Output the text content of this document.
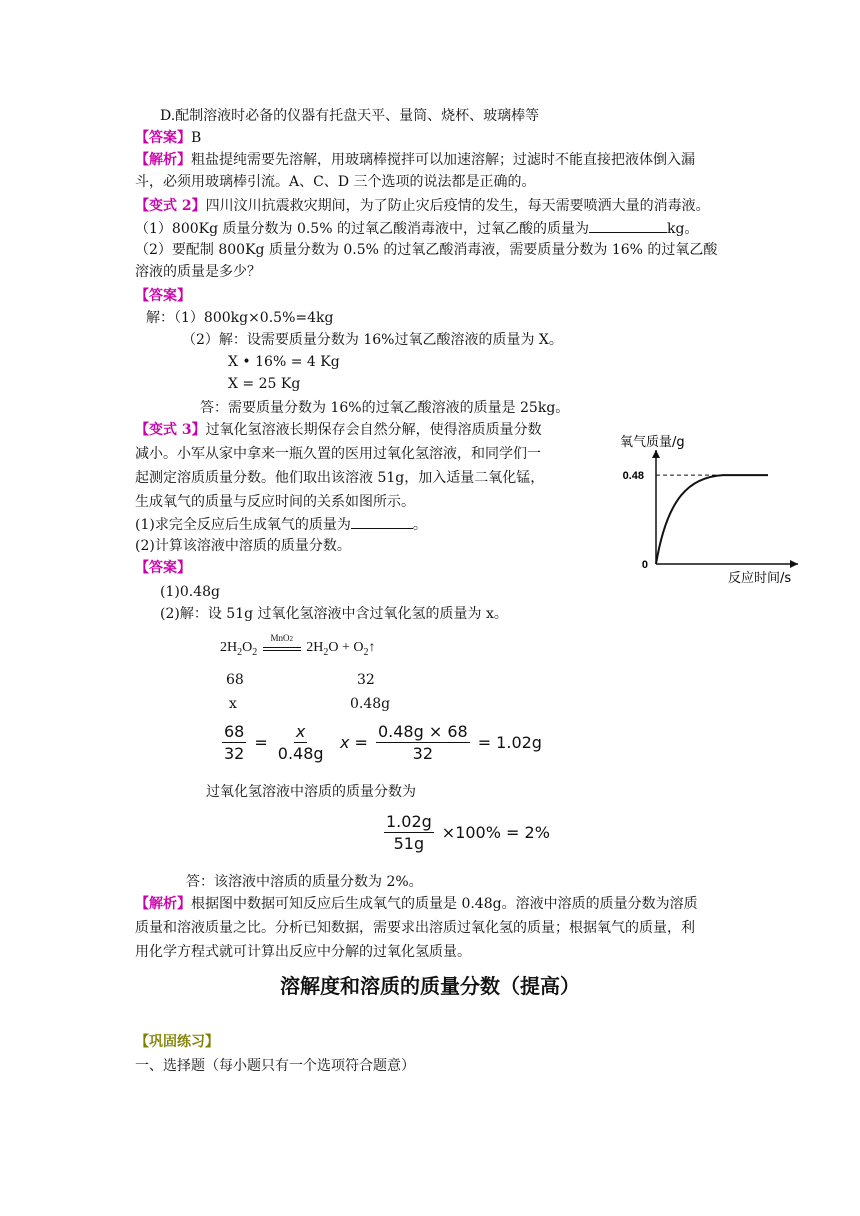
D.配制溶液时必备的仪器有托盘天平、量筒、烧杯、玻璃棒等
【答案】B
【解析】粗盐提纯需要先溶解，用玻璃棒搅拌可以加速溶解；过滤时不能直接把液体倒入漏
斗，必须用玻璃棒引流。A、C、D 三个选项的说法都是正确的。
【变式 2】四川汶川抗震救灾期间，为了防止灾后疫情的发生，每天需要喷洒大量的消毒液。
（1）800Kg 质量分数为 0.5% 的过氧乙酸消毒液中，过氧乙酸的质量为	kg。
（2）要配制 800Kg 质量分数为 0.5% 的过氧乙酸消毒液，需要质量分数为 16% 的过氧乙酸
溶液的质量是多少？
【答案】
解：（1）800kg×0.5%=4kg
（2）解：设需要质量分数为 16%过氧乙酸溶液的质量为 X。
X • 16% = 4 Kg
X = 25 Kg
答：需要质量分数为 16%的过氧乙酸溶液的质量是 25kg。
【变式 3】过氧化氢溶液长期保存会自然分解，使得溶质质量分数
减小。小军从家中拿来一瓶久置的医用过氧化氢溶液，和同学们一
起测定溶质质量分数。他们取出该溶液 51g，加入适量二氧化锰，
生成氧气的质量与反应时间的关系如图所示。
(1)求完全反应后生成氧气的质量为	。
(2)计算该溶液中溶质的质量分数。
【答案】
(1)0.48g
(2)解：设 51g 过氧化氢溶液中含过氧化氢的质量为 x。
$2H_2O_2$
MnO2
$2H_2O$ + $O_2↑$
68	32
x	0.48g
$\frac{68}{32} = \frac{x}{0.48g}$ $x = \frac{0.48g \times 68}{32} = 1.02g$
过氧化氢溶液中溶质的质量分数为
$\frac{1.02g}{51g} \times 100\% = 2\%$
答：该溶液中溶质的质量分数为 2%。
【解析】根据图中数据可知反应后生成氧气的质量是 0.48g。溶液中溶质的质量分数为溶质
质量和溶液质量之比。分析已知数据，需要求出溶质过氧化氢的质量；根据氧气的质量，利
用化学方程式就可计算出反应中分解的过氧化氢质量。
溶解度和溶质的质量分数（提高）
【巩固练习】
一、选择题（每小题只有一个选项符合题意）
0.48
0
氧气质量/g
反应时间/s
